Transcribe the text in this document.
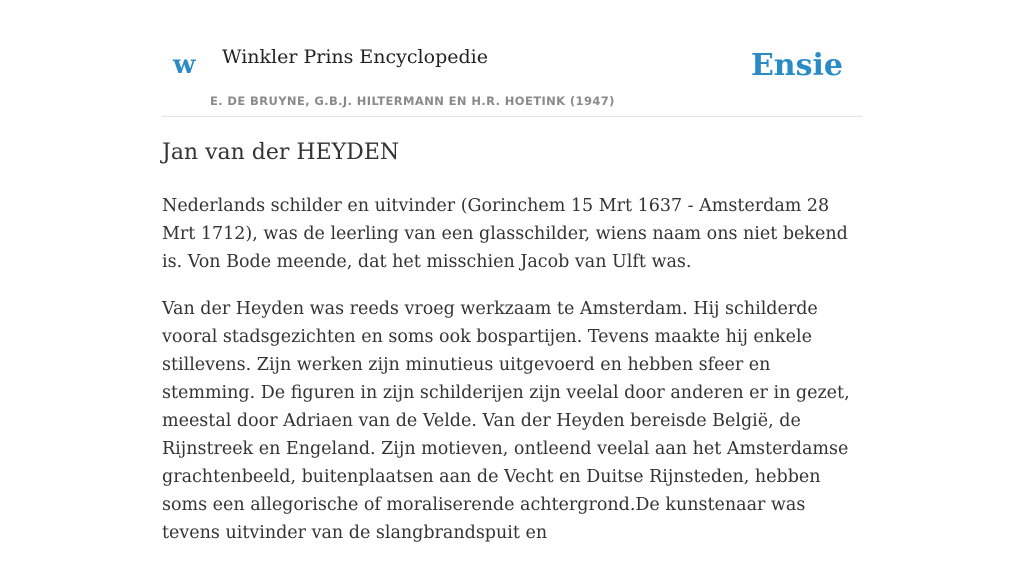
w Winkler Prins Encyclopedie
E. DE BRUYNE, G.B.J. HILTERMANN EN H.R. HOETINK (1947)
Ensie
Jan van der HEYDEN

Nederlands schilder en uitvinder (Gorinchem 15 Mrt 1637 - Amsterdam 28 Mrt 1712), was de leerling van een glasschilder, wiens naam ons niet bekend is. Von Bode meende, dat het misschien Jacob van Ulft was.

Van der Heyden was reeds vroeg werkzaam te Amsterdam. Hij schilderde vooral stadsgezichten en soms ook bospartijen. Tevens maakte hij enkele stillevens. Zijn werken zijn minutieus uitgevoerd en hebben sfeer en stemming. De figuren in zijn schilderijen zijn veelal door anderen er in gezet, meestal door Adriaen van de Velde. Van der Heyden bereisde België, de Rijnstreek en Engeland. Zijn motieven, ontleend veelal aan het Amsterdamse grachtenbeeld, buitenplaatsen aan de Vecht en Duitse Rijnsteden, hebben soms een allegorische of moraliserende achtergrond.De kunstenaar was tevens uitvinder van de slangbrandspuit en
